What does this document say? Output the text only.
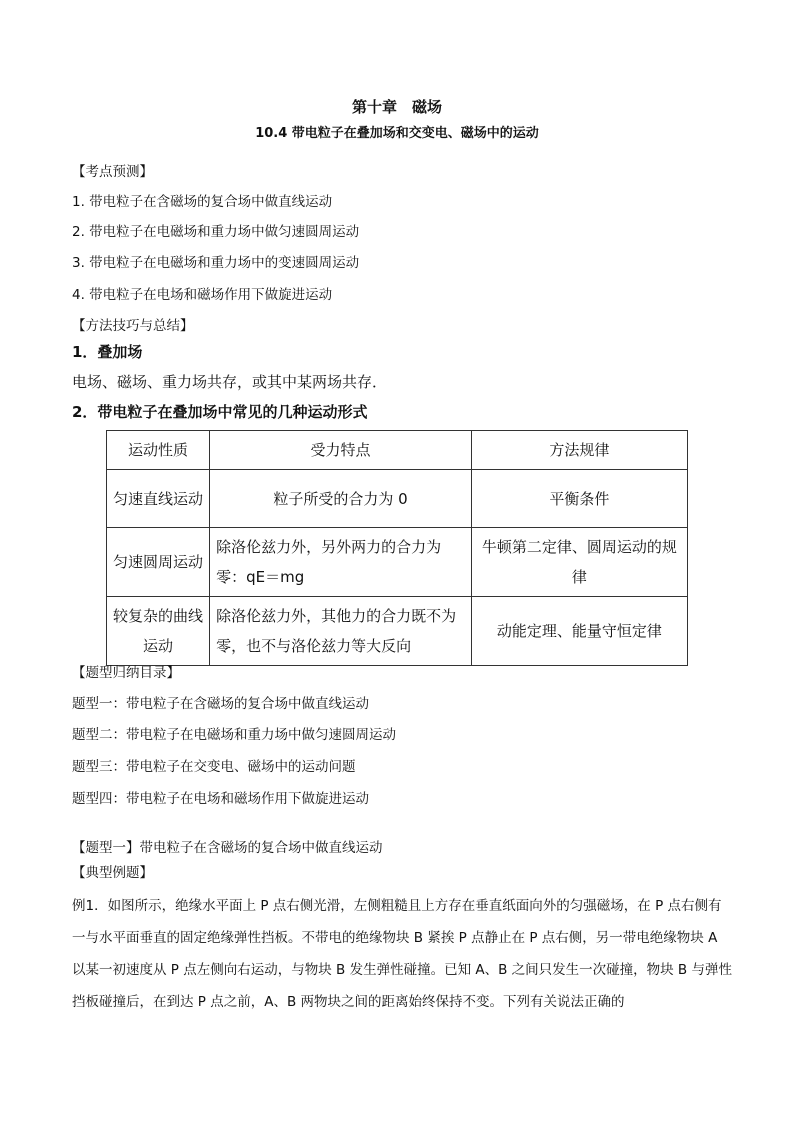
第十章　磁场
10.4 带电粒子在叠加场和交变电、磁场中的运动
【考点预测】
1. 带电粒子在含磁场的复合场中做直线运动
2. 带电粒子在电磁场和重力场中做匀速圆周运动
3. 带电粒子在电磁场和重力场中的变速圆周运动
4. 带电粒子在电场和磁场作用下做旋进运动
【方法技巧与总结】
1．叠加场
电场、磁场、重力场共存，或其中某两场共存．
2．带电粒子在叠加场中常见的几种运动形式
运动性质	受力特点	方法规律
匀速直线运动	粒子所受的合力为 0	平衡条件
匀速圆周运动	除洛伦兹力外，另外两力的合力为零：qE＝mg	牛顿第二定律、圆周运动的规律
较复杂的曲线运动	除洛伦兹力外，其他力的合力既不为零，也不与洛伦兹力等大反向	动能定理、能量守恒定律
【题型归纳目录】
题型一：带电粒子在含磁场的复合场中做直线运动
题型二：带电粒子在电磁场和重力场中做匀速圆周运动
题型三：带电粒子在交变电、磁场中的运动问题
题型四：带电粒子在电场和磁场作用下做旋进运动
【题型一】带电粒子在含磁场的复合场中做直线运动
【典型例题】
例1．如图所示，绝缘水平面上 P 点右侧光滑，左侧粗糙且上方存在垂直纸面向外的匀强磁场，在 P 点右侧有一与水平面垂直的固定绝缘弹性挡板。不带电的绝缘物块 B 紧挨 P 点静止在 P 点右侧，另一带电绝缘物块 A 以某一初速度从 P 点左侧向右运动，与物块 B 发生弹性碰撞。已知 A、B 之间只发生一次碰撞，物块 B 与弹性挡板碰撞后，在到达 P 点之前，A、B 两物块之间的距离始终保持不变。下列有关说法正确的
